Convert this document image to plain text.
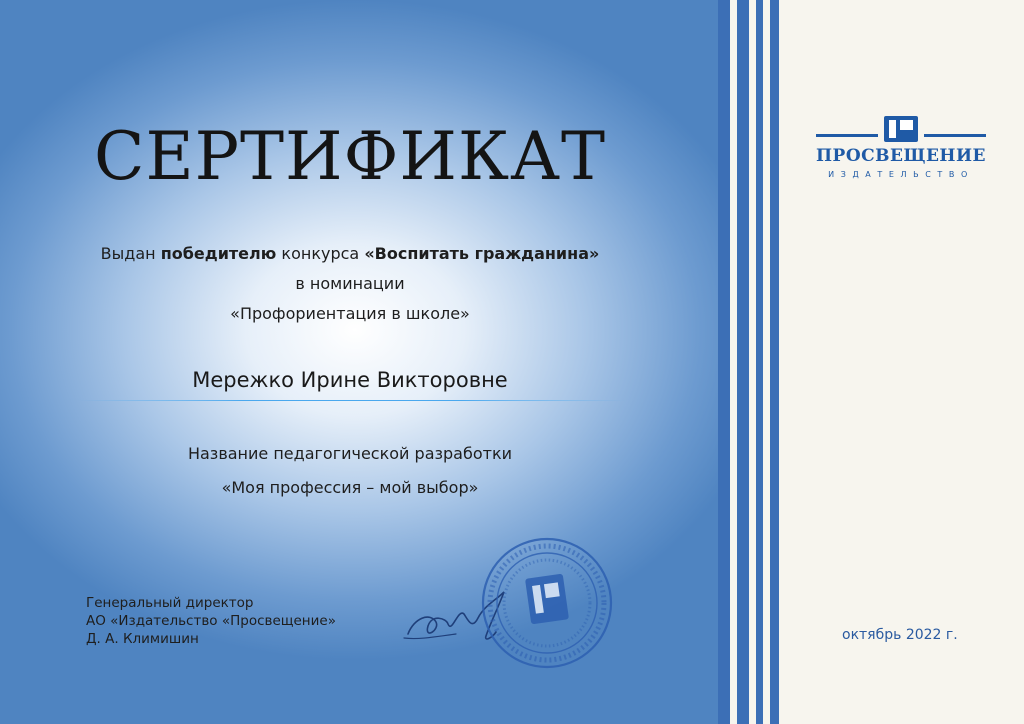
СЕРТИФИКАТ
Выдан победителю конкурса «Воспитать гражданина»
в номинации
«Профориентация в школе»
Мережко Ирине Викторовне
Название педагогической разработки
«Моя профессия – мой выбор»
Генеральный директор
АО «Издательство «Просвещение»
Д. А. Климишин
ПРОСВЕЩЕНИЕ
ИЗДАТЕЛЬСТВО
октябрь 2022 г.
